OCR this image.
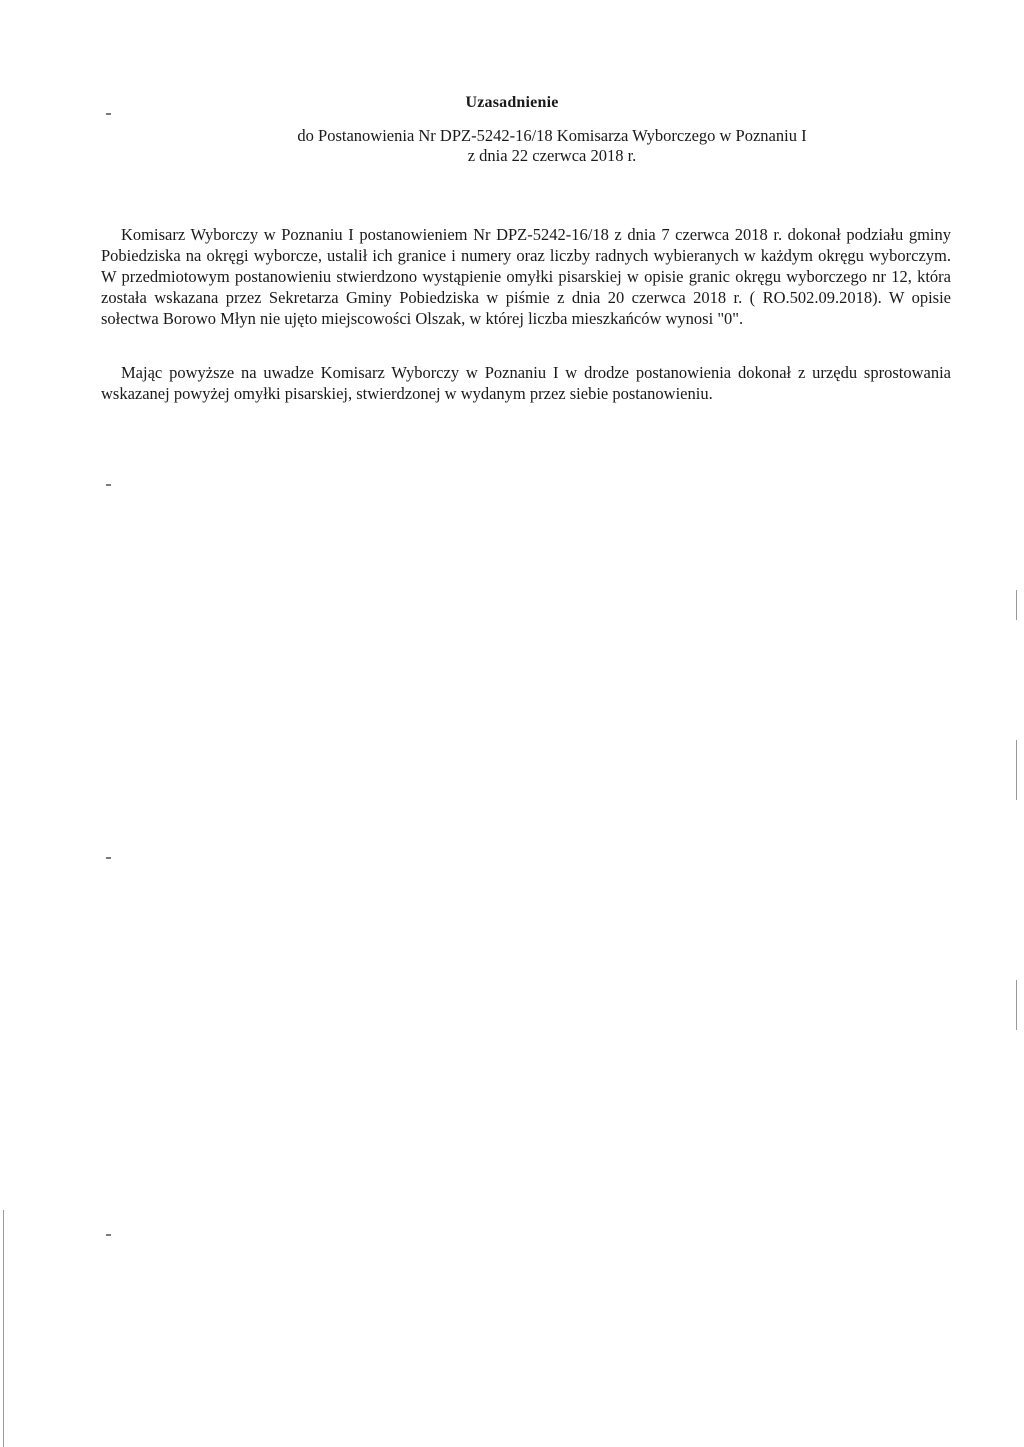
Uzasadnienie
do Postanowienia Nr DPZ-5242-16/18 Komisarza Wyborczego w Poznaniu I
z dnia 22 czerwca 2018 r.

Komisarz Wyborczy w Poznaniu I postanowieniem Nr DPZ-5242-16/18 z dnia 7 czerwca 2018 r. dokonał podziału gminy Pobiedziska na okręgi wyborcze, ustalił ich granice i numery oraz liczby radnych wybieranych w każdym okręgu wyborczym. W przedmiotowym postanowieniu stwierdzono wystąpienie omyłki pisarskiej w opisie granic okręgu wyborczego nr 12, która została wskazana przez Sekretarza Gminy Pobiedziska w piśmie z dnia 20 czerwca 2018 r. ( RO.502.09.2018). W opisie sołectwa Borowo Młyn nie ujęto miejscowości Olszak, w której liczba mieszkańców wynosi "0".

Mając powyższe na uwadze Komisarz Wyborczy w Poznaniu I w drodze postanowienia dokonał z urzędu sprostowania wskazanej powyżej omyłki pisarskiej, stwierdzonej w wydanym przez siebie postanowieniu.
